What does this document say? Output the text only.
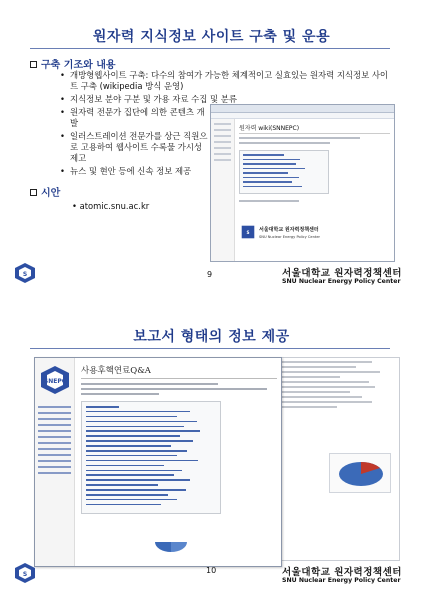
원자력 지식정보 사이트 구축 및 운용
구축 기조와 내용
• 개방형웹사이트 구축: 다수의 참여가 가능한 체계적이고 실효있는 원자력 지식정보 사이트 구축 (wikipedia 방식 운영)
• 지식정보 분야 구분 및 가용 자료 수집 및 분류
• 원자력 전문가 집단에 의한 콘텐츠 개발
• 일러스트레이션 전문가를 상근 직원으로 고용하여 웹사이트 수록물 가시성 제고
• 뉴스 및 현안 등에 신속 정보 제공
시안
• atomic.snu.ac.kr
원자력 wiki(SNNEPC)
S 서울대학교 원자력정책센터
SNU Nuclear Energy Policy Center
S	9	서울대학교 원자력정책센터
SNU Nuclear Energy Policy Center
보고서 형태의 정보 제공
SNEPC
사용후핵연료Q&A
S	10	서울대학교 원자력정책센터
SNU Nuclear Energy Policy Center
